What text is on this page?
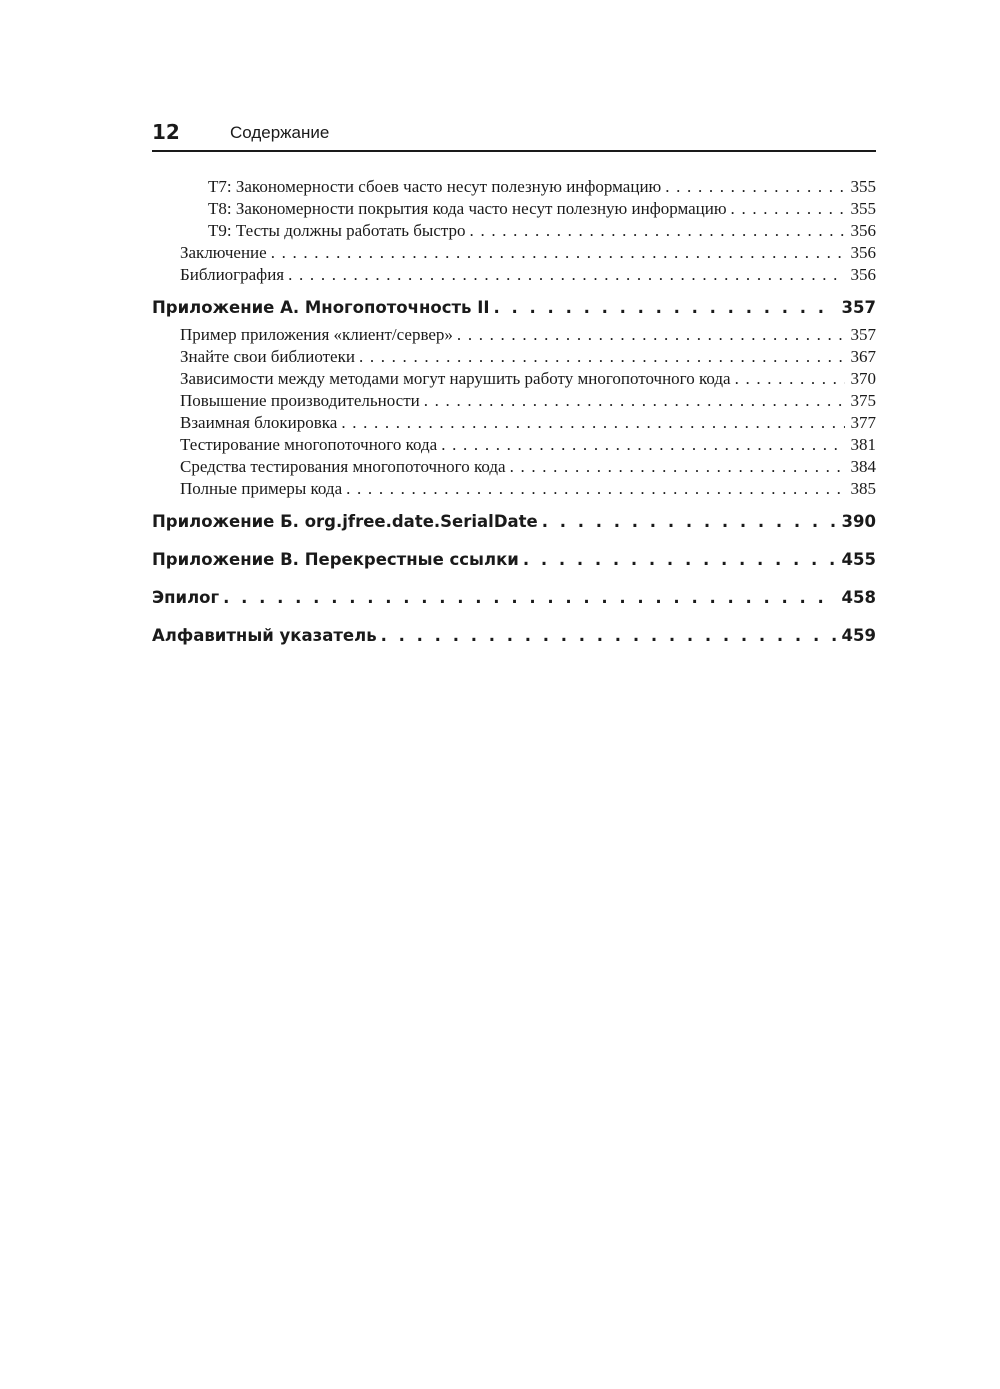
12	Содержание
T7: Закономерности сбоев часто несут полезную информацию . . .	355
T8: Закономерности покрытия кода часто несут полезную информацию . . .	355
T9: Тесты должны работать быстро . . .	356
Заключение . . .	356
Библиография . . .	356
Приложение А. Многопоточность II . . .	357
Пример приложения «клиент/сервер» . . .	357
Знайте свои библиотеки . . .	367
Зависимости между методами могут нарушить работу многопоточного кода . . .	370
Повышение производительности . . .	375
Взаимная блокировка . . .	377
Тестирование многопоточного кода . . .	381
Средства тестирования многопоточного кода . . .	384
Полные примеры кода . . .	385
Приложение Б. org.jfree.date.SerialDate . . .	390
Приложение В. Перекрестные ссылки . . .	455
Эпилог . . .	458
Алфавитный указатель . . .	459
